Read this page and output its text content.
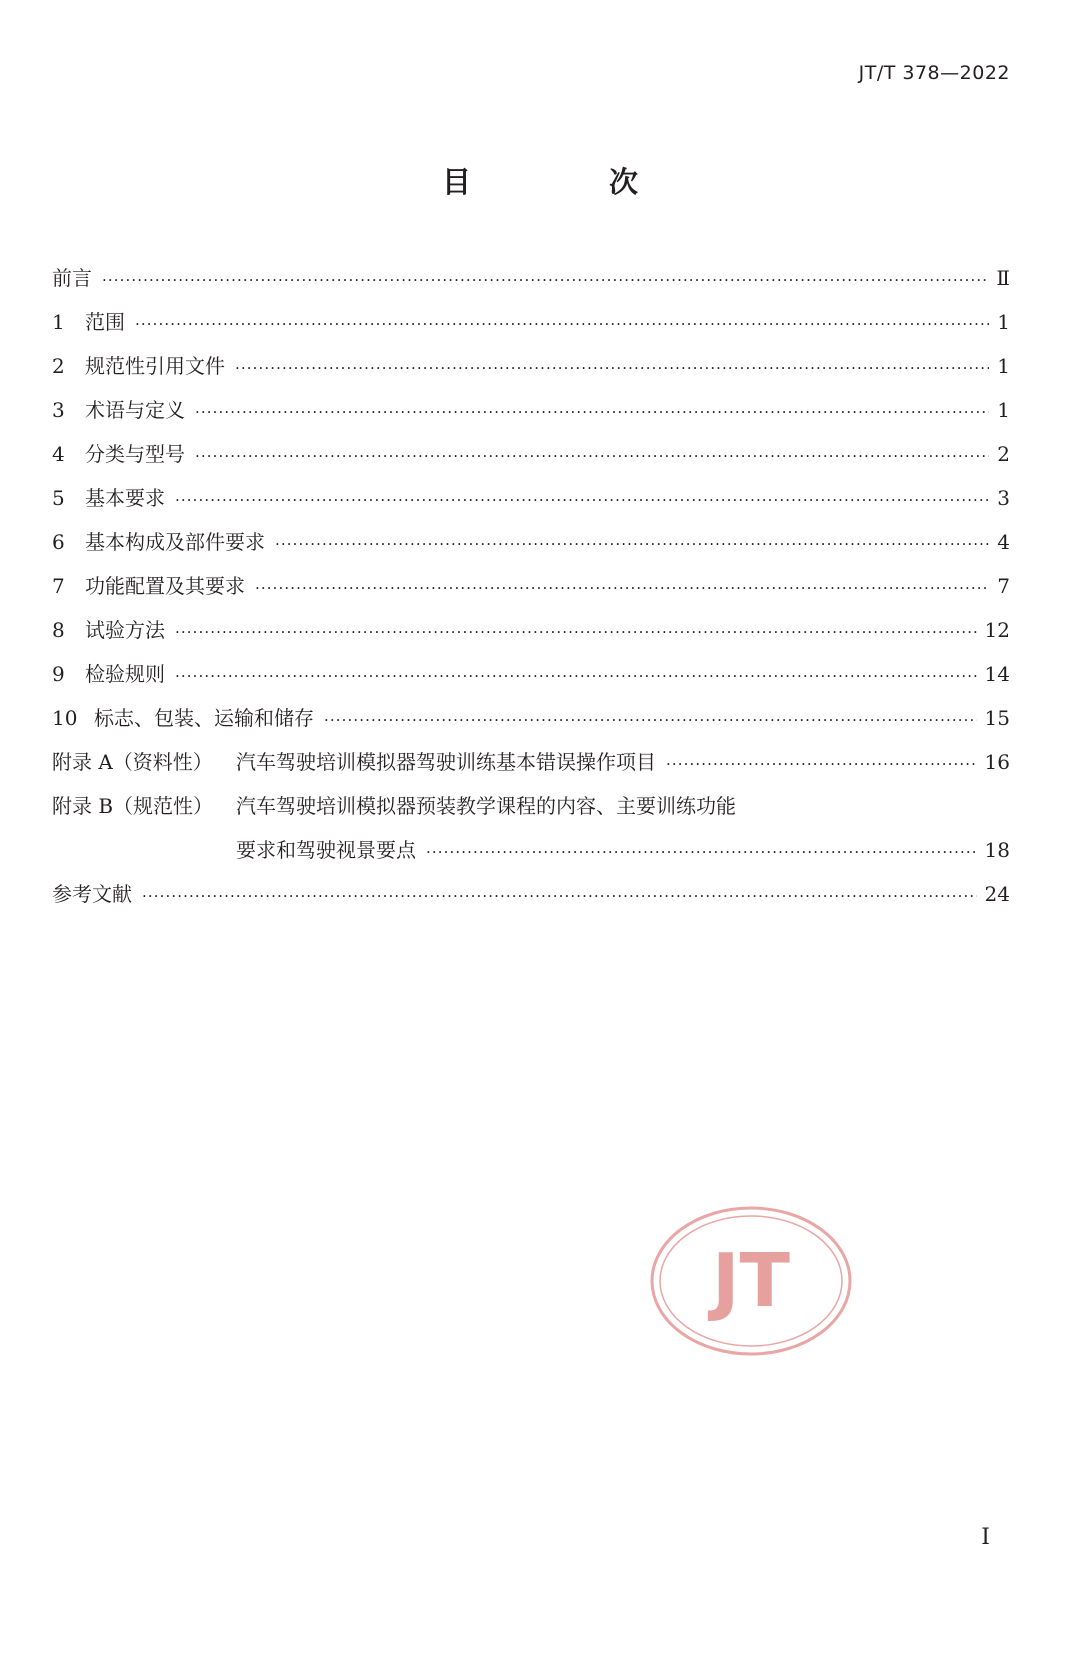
JT/T 378—2022
目 次
前言 ·····	Ⅱ
1	范围 ·····	1
2	规范性引用文件 ·····	1
3	术语与定义 ·····	1
4	分类与型号 ·····	2
5	基本要求 ·····	3
6	基本构成及部件要求 ·····	4
7	功能配置及其要求 ·····	7
8	试验方法 ·····	12
9	检验规则 ·····	14
10 标志、包装、运输和储存 ·····	15
附录 A（资料性）	汽车驾驶培训模拟器驾驶训练基本错误操作项目 ·····	16
附录 B（规范性）	汽车驾驶培训模拟器预装教学课程的内容、主要训练功能
要求和驾驶视景要点 ·····	18
参考文献 ·····	24
JT
I
